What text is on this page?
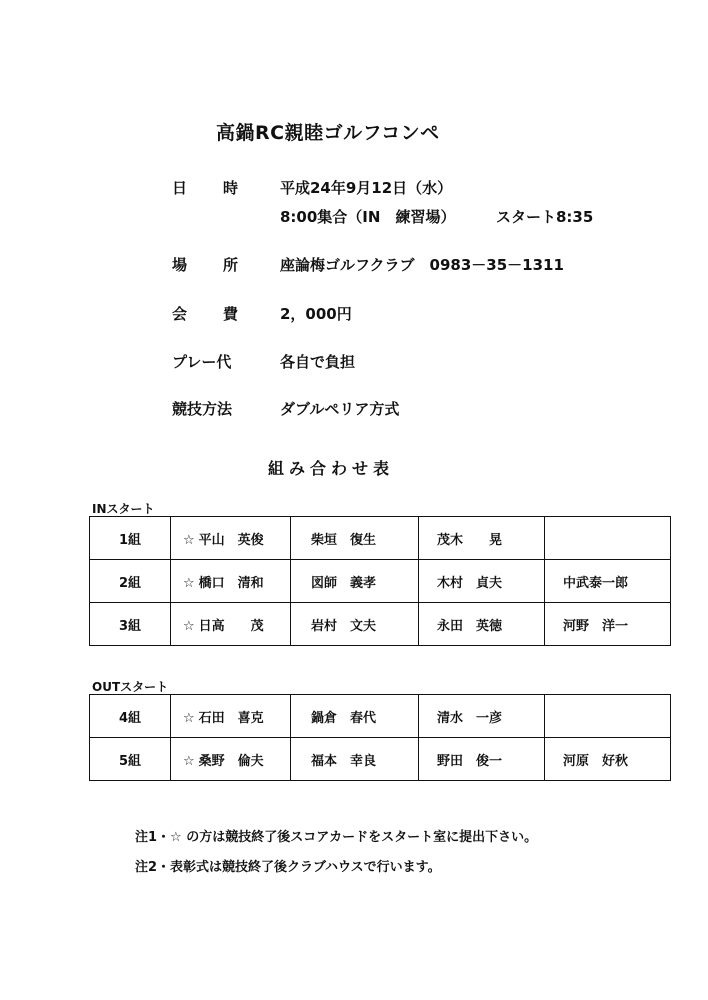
高鍋RC親睦ゴルフコンペ
日 時	平成24年9月12日（水）
8:00集合（IN　練習場）	スタート8:35
場 所	座論梅ゴルフクラブ　0983－35－1311
会 費	2，000円
プレー代	各自で負担
競技方法	ダブルペリア方式
組み合わせ表
INスタート
1組	☆ 平山　英俊	柴垣　復生	茂木　　晃	
2組	☆ 橋口　清和	図師　義孝	木村　貞夫	中武泰一郎
3組	☆ 日高　　茂	岩村　文夫	永田　英徳	河野　洋一
OUTスタート
4組	☆ 石田　喜克	鍋倉　春代	清水　一彦	
5組	☆ 桑野　倫夫	福本　幸良	野田　俊一	河原　好秋
注1・☆ の方は競技終了後スコアカードをスタート室に提出下さい。
注2・表彰式は競技終了後クラブハウスで行います。
